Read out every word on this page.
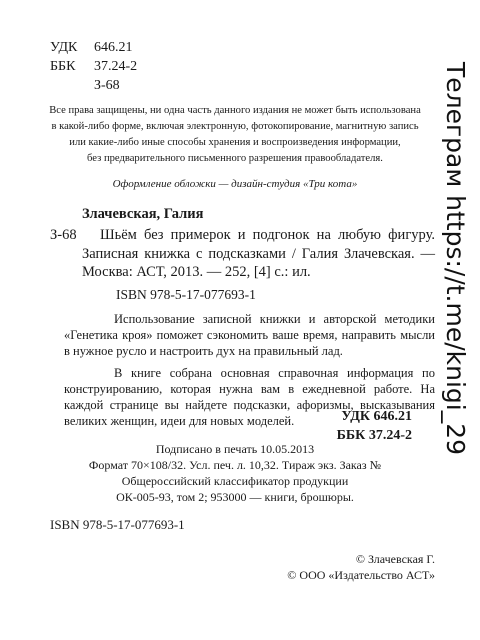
УДК	646.21
ББК	37.24-2
З-68
Все права защищены, ни одна часть данного издания не может быть использована
в какой-либо форме, включая электронную, фотокопирование, магнитную запись
или какие-либо иные способы хранения и воспроизведения информации,
без предварительного письменного разрешения правообладателя.
Оформление обложки — дизайн-студия «Три кота»
Злачевская, Галия
З-68	Шьём без примерок и подгонок на любую фигуру. Записная книжка с подсказками / Галия Злачевская. — Москва: АСТ, 2013. — 252, [4] с.: ил.
ISBN 978-5-17-077693-1
Использование записной книжки и авторской методики «Генетика кроя» поможет сэкономить ваше время, направить мысли в нужное русло и настроить дух на правильный лад.
В книге собрана основная справочная информация по конструированию, которая нужна вам в ежедневной работе. На каждой странице вы найдете подсказки, афоризмы, высказывания великих женщин, идеи для новых моделей.	УДК 646.21
ББК 37.24-2
Подписано в печать 10.05.2013
Формат 70×108/32. Усл. печ. л. 10,32. Тираж экз. Заказ №
Общероссийский классификатор продукции
ОК-005-93, том 2; 953000 — книги, брошюры.
ISBN 978-5-17-077693-1
© Злачевская Г.
© ООО «Издательство АСТ»
Телеграм https://t.me/knigi_29
